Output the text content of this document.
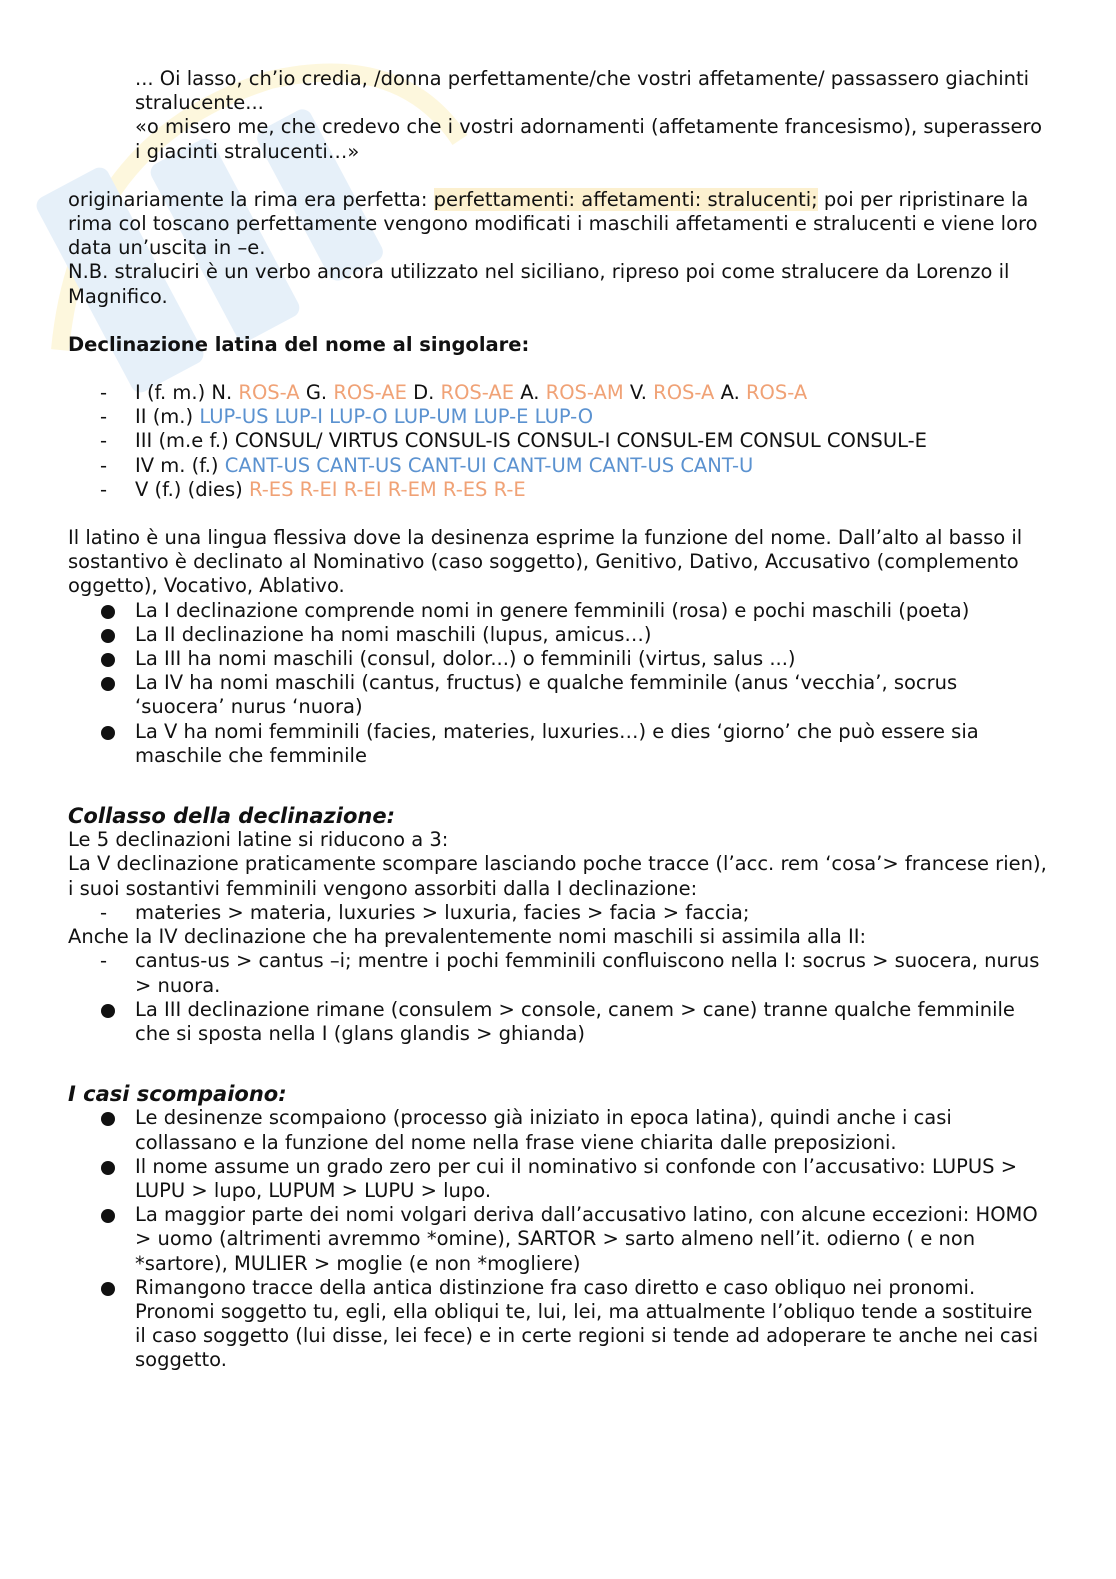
... Oi lasso, ch’io credia, /donna perfettamente/che vostri affetamente/ passassero giachinti stralucente...

«o misero me, che credevo che i vostri adornamenti (affetamente francesismo), superassero i giacinti stralucenti…»

originariamente la rima era perfetta: perfettamenti: affetamenti: stralucenti; poi per ripristinare la rima col toscano perfettamente vengono modificati i maschili affetamenti e stralucenti e viene loro data un’uscita in –e.

N.B. straluciri è un verbo ancora utilizzato nel siciliano, ripreso poi come stralucere da Lorenzo il Magnifico.

Declinazione latina del nome al singolare:

- I (f. m.) N. ROS-A G. ROS-AE D. ROS-AE A. ROS-AM V. ROS-A A. ROS-A
- II (m.) LUP-US LUP-I LUP-O LUP-UM LUP-E LUP-O
- III (m.e f.) CONSUL/ VIRTUS CONSUL-IS CONSUL-I CONSUL-EM CONSUL CONSUL-E
- IV m. (f.) CANT-US CANT-US CANT-UI CANT-UM CANT-US CANT-U
- V (f.) (dies) R-ES R-EI R-EI R-EM R-ES R-E

Il latino è una lingua flessiva dove la desinenza esprime la funzione del nome. Dall’alto al basso il sostantivo è declinato al Nominativo (caso soggetto), Genitivo, Dativo, Accusativo (complemento oggetto), Vocativo, Ablativo.

La I declinazione comprende nomi in genere femminili (rosa) e pochi maschili (poeta)
La II declinazione ha nomi maschili (lupus, amicus…)
La III ha nomi maschili (consul, dolor...) o femminili (virtus, salus ...)
La IV ha nomi maschili (cantus, fructus) e qualche femminile (anus ‘vecchia’, socrus ‘suocera’ nurus ‘nuora)
La V ha nomi femminili (facies, materies, luxuries…) e dies ‘giorno’ che può essere sia maschile che femminile

Collasso della declinazione:

Le 5 declinazioni latine si riducono a 3:

La V declinazione praticamente scompare lasciando poche tracce (l’acc. rem ‘cosa’> francese rien), i suoi sostantivi femminili vengono assorbiti dalla I declinazione:

- materies > materia, luxuries > luxuria, facies > facia > faccia;

Anche la IV declinazione che ha prevalentemente nomi maschili si assimila alla II:

- cantus-us > cantus –i; mentre i pochi femminili confluiscono nella I: socrus > suocera, nurus > nuora.
La III declinazione rimane (consulem > console, canem > cane) tranne qualche femminile che si sposta nella I (glans glandis > ghianda)

I casi scompaiono:

Le desinenze scompaiono (processo già iniziato in epoca latina), quindi anche i casi collassano e la funzione del nome nella frase viene chiarita dalle preposizioni.
Il nome assume un grado zero per cui il nominativo si confonde con l’accusativo: LUPUS > LUPU > lupo, LUPUM > LUPU > lupo.
La maggior parte dei nomi volgari deriva dall’accusativo latino, con alcune eccezioni: HOMO > uomo (altrimenti avremmo *omine), SARTOR > sarto almeno nell’it. odierno ( e non *sartore), MULIER > moglie (e non *mogliere)
Rimangono tracce della antica distinzione fra caso diretto e caso obliquo nei pronomi. Pronomi soggetto tu, egli, ella obliqui te, lui, lei, ma attualmente l’obliquo tende a sostituire il caso soggetto (lui disse, lei fece) e in certe regioni si tende ad adoperare te anche nei casi soggetto.
